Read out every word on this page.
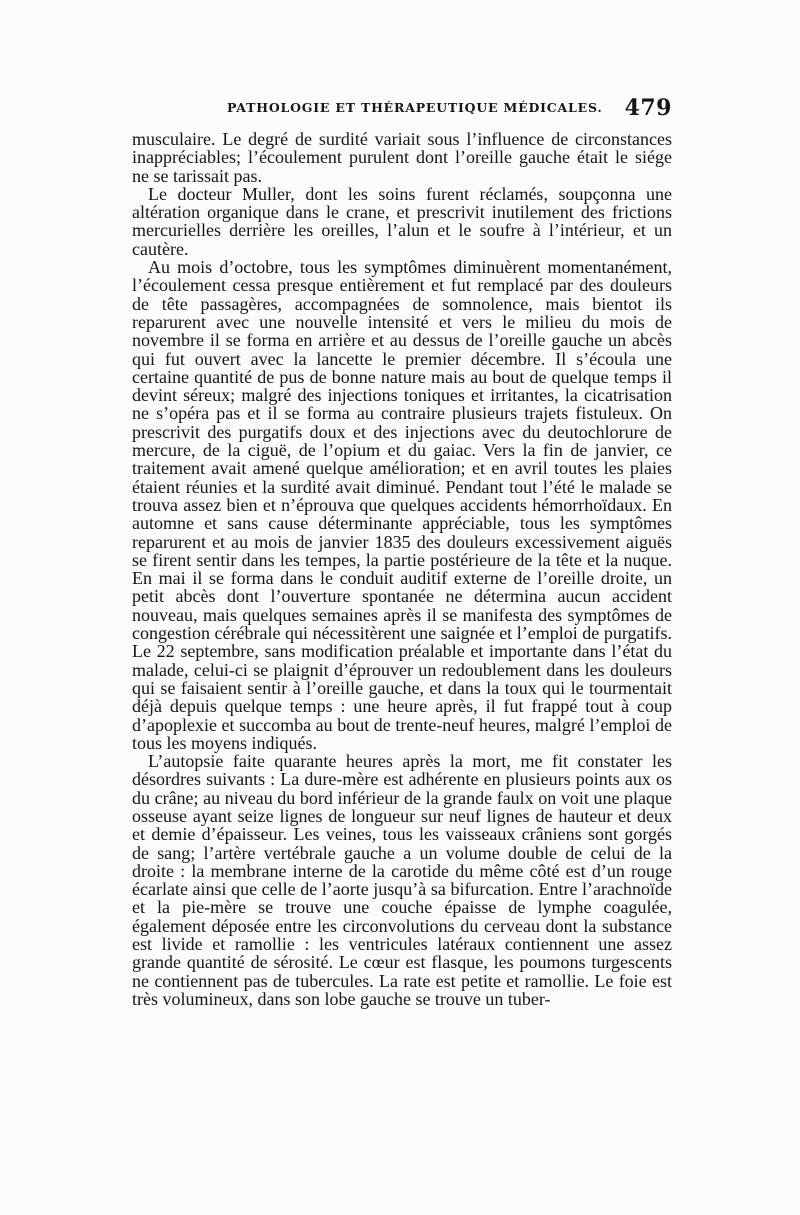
PATHOLOGIE ET THÉRAPEUTIQUE MÉDICALES. 479

musculaire. Le degré de surdité variait sous l’influence de circonstances inappréciables; l’écoulement purulent dont l’oreille gauche était le siége ne se tarissait pas.

Le docteur Muller, dont les soins furent réclamés, soupçonna une altération organique dans le crane, et prescrivit inutilement des frictions mercurielles derrière les oreilles, l’alun et le soufre à l’intérieur, et un cautère.

Au mois d’octobre, tous les symptômes diminuèrent momentanément, l’écoulement cessa presque entièrement et fut remplacé par des douleurs de tête passagères, accompagnées de somnolence, mais bientot ils reparurent avec une nouvelle intensité et vers le milieu du mois de novembre il se forma en arrière et au dessus de l’oreille gauche un abcès qui fut ouvert avec la lancette le premier décembre. Il s’écoula une certaine quantité de pus de bonne nature mais au bout de quelque temps il devint séreux; malgré des injections toniques et irritantes, la cicatrisation ne s’opéra pas et il se forma au contraire plusieurs trajets fistuleux. On prescrivit des purgatifs doux et des injections avec du deutochlorure de mercure, de la ciguë, de l’opium et du gaiac. Vers la fin de janvier, ce traitement avait amené quelque amélioration; et en avril toutes les plaies étaient réunies et la surdité avait diminué. Pendant tout l’été le malade se trouva assez bien et n’éprouva que quelques accidents hémorrhoïdaux. En automne et sans cause déterminante appréciable, tous les symptômes reparurent et au mois de janvier 1835 des douleurs excessivement aiguës se firent sentir dans les tempes, la partie postérieure de la tête et la nuque. En mai il se forma dans le conduit auditif externe de l’oreille droite, un petit abcès dont l’ouverture spontanée ne détermina aucun accident nouveau, mais quelques semaines après il se manifesta des symptômes de congestion cérébrale qui nécessitèrent une saignée et l’emploi de purgatifs. Le 22 septembre, sans modification préalable et importante dans l’état du malade, celui-ci se plaignit d’éprouver un redoublement dans les douleurs qui se faisaient sentir à l’oreille gauche, et dans la toux qui le tourmentait déjà depuis quelque temps : une heure après, il fut frappé tout à coup d’apoplexie et succomba au bout de trente-neuf heures, malgré l’emploi de tous les moyens indiqués.

L’autopsie faite quarante heures après la mort, me fit constater les désordres suivants : La dure-mère est adhérente en plusieurs points aux os du crâne; au niveau du bord inférieur de la grande faulx on voit une plaque osseuse ayant seize lignes de longueur sur neuf lignes de hauteur et deux et demie d’épaisseur. Les veines, tous les vaisseaux crâniens sont gorgés de sang; l’artère vertébrale gauche a un volume double de celui de la droite : la membrane interne de la carotide du même côté est d’un rouge écarlate ainsi que celle de l’aorte jusqu’à sa bifurcation. Entre l’arachnoïde et la pie-mère se trouve une couche épaisse de lymphe coagulée, également déposée entre les circonvolutions du cerveau dont la substance est livide et ramollie : les ventricules latéraux contiennent une assez grande quantité de sérosité. Le cœur est flasque, les poumons turgescents ne contiennent pas de tubercules. La rate est petite et ramollie. Le foie est très volumineux, dans son lobe gauche se trouve un tuber-
